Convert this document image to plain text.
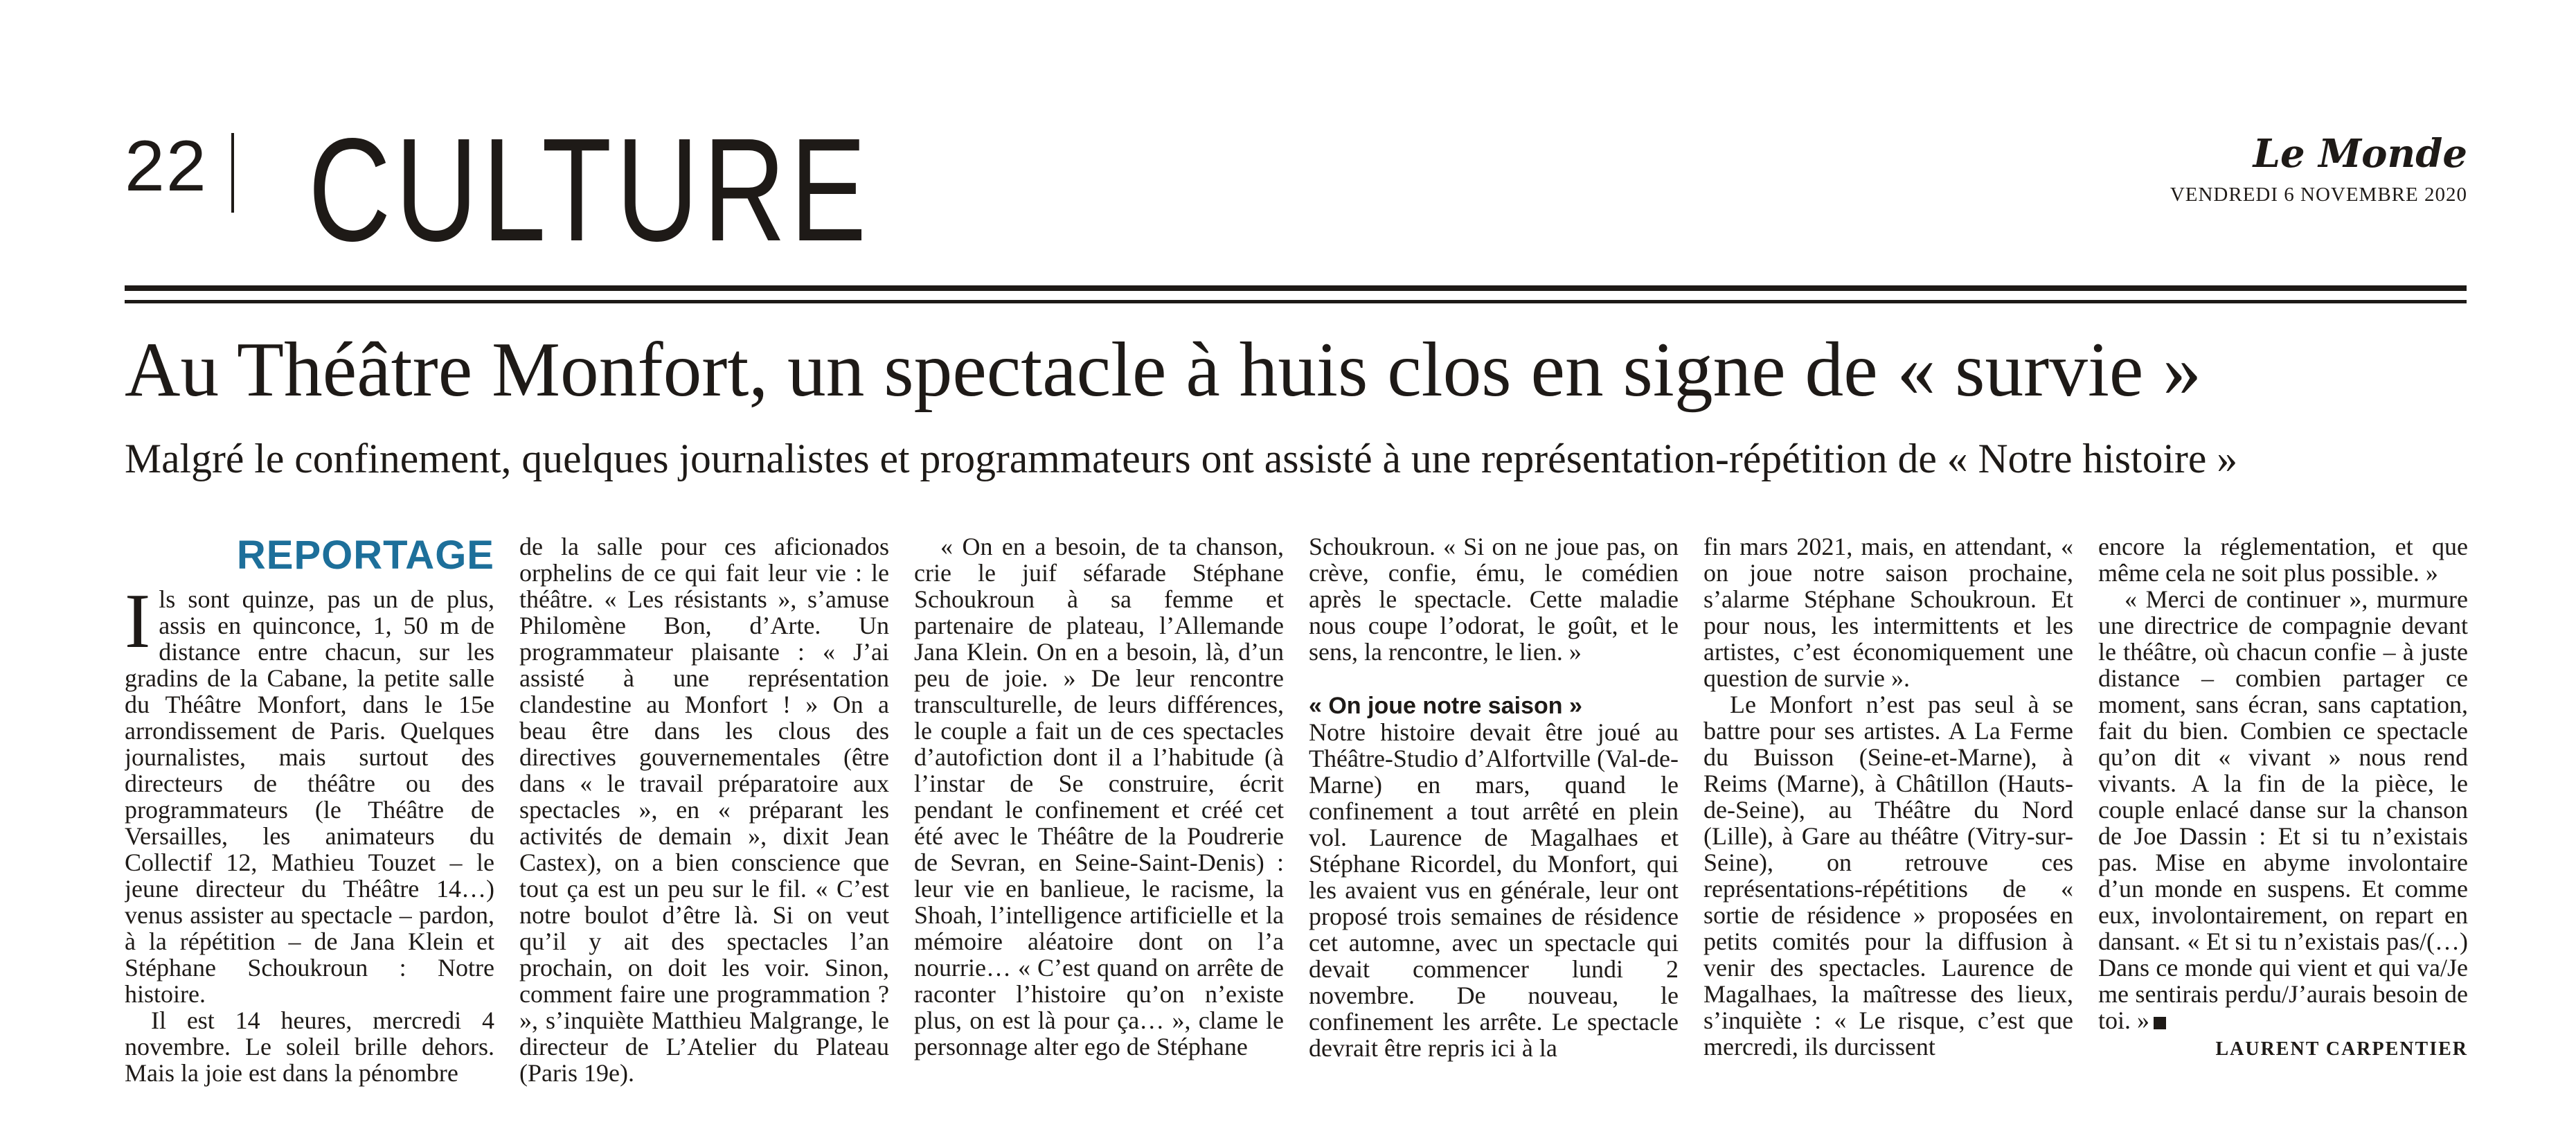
22 CULTURE	Le Monde
VENDREDI 6 NOVEMBRE 2020
Au Théâtre Monfort, un spectacle à huis clos en signe de « survie »
Malgré le confinement, quelques journalistes et programmateurs ont assisté à une représentation-répétition de « Notre histoire »
REPORTAGE

Ils sont quinze, pas un de plus, assis en quinconce, 1, 50 m de distance entre chacun, sur les gradins de la Cabane, la petite salle du Théâtre Monfort, dans le 15e arrondissement de Paris. Quelques journalistes, mais surtout des directeurs de théâtre ou des programmateurs (le Théâtre de Versailles, les animateurs du Collectif 12, Mathieu Touzet – le jeune directeur du Théâtre 14…) venus assister au spectacle – pardon, à la répétition – de Jana Klein et Stéphane Schoukroun : Notre histoire.

Il est 14 heures, mercredi 4 novembre. Le soleil brille dehors. Mais la joie est dans la pénombre

de la salle pour ces aficionados orphelins de ce qui fait leur vie : le théâtre. « Les résistants », s’amuse Philomène Bon, d’Arte. Un programmateur plaisante : « J’ai assisté à une représentation clandestine au Monfort ! » On a beau être dans les clous des directives gouvernementales (être dans « le travail préparatoire aux spectacles », en « préparant les activités de demain », dixit Jean Castex), on a bien conscience que tout ça est un peu sur le fil. « C’est notre boulot d’être là. Si on veut qu’il y ait des spectacles l’an prochain, on doit les voir. Sinon, comment faire une programmation ? », s’inquiète Matthieu Malgrange, le directeur de L’Atelier du Plateau (Paris 19e).

« On en a besoin, de ta chanson, crie le juif séfarade Stéphane Schoukroun à sa femme et partenaire de plateau, l’Allemande Jana Klein. On en a besoin, là, d’un peu de joie. » De leur rencontre transculturelle, de leurs différences, le couple a fait un de ces spectacles d’autofiction dont il a l’habitude (à l’instar de Se construire, écrit pendant le confinement et créé cet été avec le Théâtre de la Poudrerie de Sevran, en Seine-Saint-Denis) : leur vie en banlieue, le racisme, la Shoah, l’intelligence artificielle et la mémoire aléatoire dont on l’a nourrie… « C’est quand on arrête de raconter l’histoire qu’on n’existe plus, on est là pour ça… », clame le personnage alter ego de Stéphane

Schoukroun. « Si on ne joue pas, on crève, confie, ému, le comédien après le spectacle. Cette maladie nous coupe l’odorat, le goût, et le sens, la rencontre, le lien. »

« On joue notre saison »

Notre histoire devait être joué au Théâtre-Studio d’Alfortville (Val-de-Marne) en mars, quand le confinement a tout arrêté en plein vol. Laurence de Magalhaes et Stéphane Ricordel, du Monfort, qui les avaient vus en générale, leur ont proposé trois semaines de résidence cet automne, avec un spectacle qui devait commencer lundi 2 novembre. De nouveau, le confinement les arrête. Le spectacle devrait être repris ici à la

fin mars 2021, mais, en attendant, « on joue notre saison prochaine, s’alarme Stéphane Schoukroun. Et pour nous, les intermittents et les artistes, c’est économiquement une question de survie ».

Le Monfort n’est pas seul à se battre pour ses artistes. A La Ferme du Buisson (Seine-et-Marne), à Reims (Marne), à Châtillon (Hauts-de-Seine), au Théâtre du Nord (Lille), à Gare au théâtre (Vitry-sur-Seine), on retrouve ces représentations-répétitions de « sortie de résidence » proposées en petits comités pour la diffusion à venir des spectacles. Laurence de Magalhaes, la maîtresse des lieux, s’inquiète : « Le risque, c’est que mercredi, ils durcissent

encore la réglementation, et que même cela ne soit plus possible. »

« Merci de continuer », murmure une directrice de compagnie devant le théâtre, où chacun confie – à juste distance – combien partager ce moment, sans écran, sans captation, fait du bien. Combien ce spectacle qu’on dit « vivant » nous rend vivants. A la fin de la pièce, le couple enlacé danse sur la chanson de Joe Dassin : Et si tu n’existais pas. Mise en abyme involontaire d’un monde en suspens. Et comme eux, involontairement, on repart en dansant. « Et si tu n’existais pas/(…) Dans ce monde qui vient et qui va/Je me sentirais perdu/J’aurais besoin de toi. »

LAURENT CARPENTIER
